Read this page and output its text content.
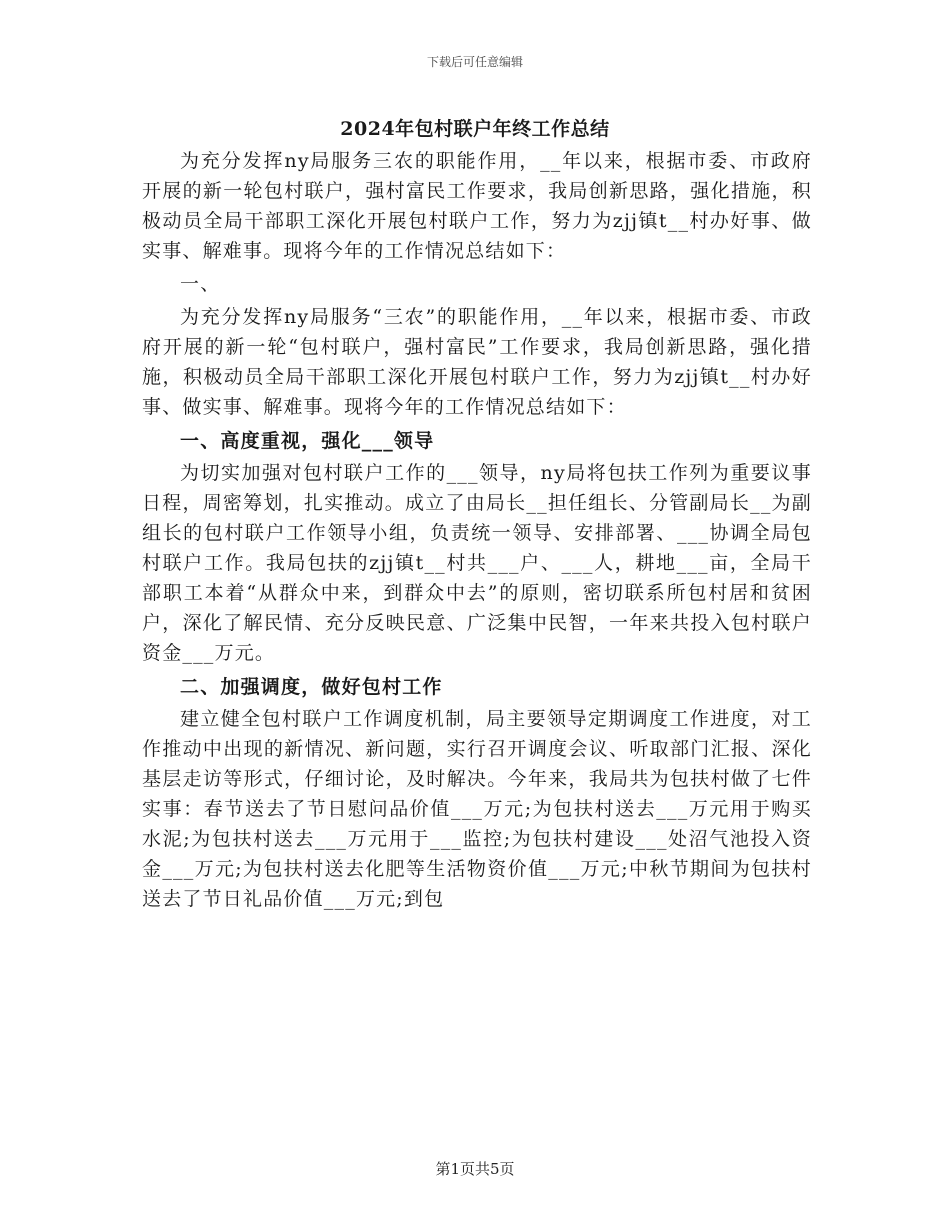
下载后可任意编辑
2024年包村联户年终工作总结

为充分发挥ny局服务三农的职能作用，__年以来，根据市委、市政府开展的新一轮包村联户，强村富民工作要求，我局创新思路，强化措施，积极动员全局干部职工深化开展包村联户工作，努力为zjj镇t__村办好事、做实事、解难事。现将今年的工作情况总结如下：

一、

为充分发挥ny局服务“三农”的职能作用，__年以来，根据市委、市政府开展的新一轮“包村联户，强村富民”工作要求，我局创新思路，强化措施，积极动员全局干部职工深化开展包村联户工作，努力为zjj镇t__村办好事、做实事、解难事。现将今年的工作情况总结如下：

一、高度重视，强化___领导

为切实加强对包村联户工作的___领导，ny局将包扶工作列为重要议事日程，周密筹划，扎实推动。成立了由局长__担任组长、分管副局长__为副组长的包村联户工作领导小组，负责统一领导、安排部署、___协调全局包村联户工作。我局包扶的zjj镇t__村共___户、___人，耕地___亩，全局干部职工本着“从群众中来，到群众中去”的原则，密切联系所包村居和贫困户，深化了解民情、充分反映民意、广泛集中民智，一年来共投入包村联户资金___万元。

二、加强调度，做好包村工作

建立健全包村联户工作调度机制，局主要领导定期调度工作进度，对工作推动中出现的新情况、新问题，实行召开调度会议、听取部门汇报、深化基层走访等形式，仔细讨论，及时解决。今年来，我局共为包扶村做了七件实事：春节送去了节日慰问品价值___万元;为包扶村送去___万元用于购买水泥;为包扶村送去___万元用于___监控;为包扶村建设___处沼气池投入资金___万元;为包扶村送去化肥等生活物资价值___万元;中秋节期间为包扶村送去了节日礼品价值___万元;到包

第1页共5页
